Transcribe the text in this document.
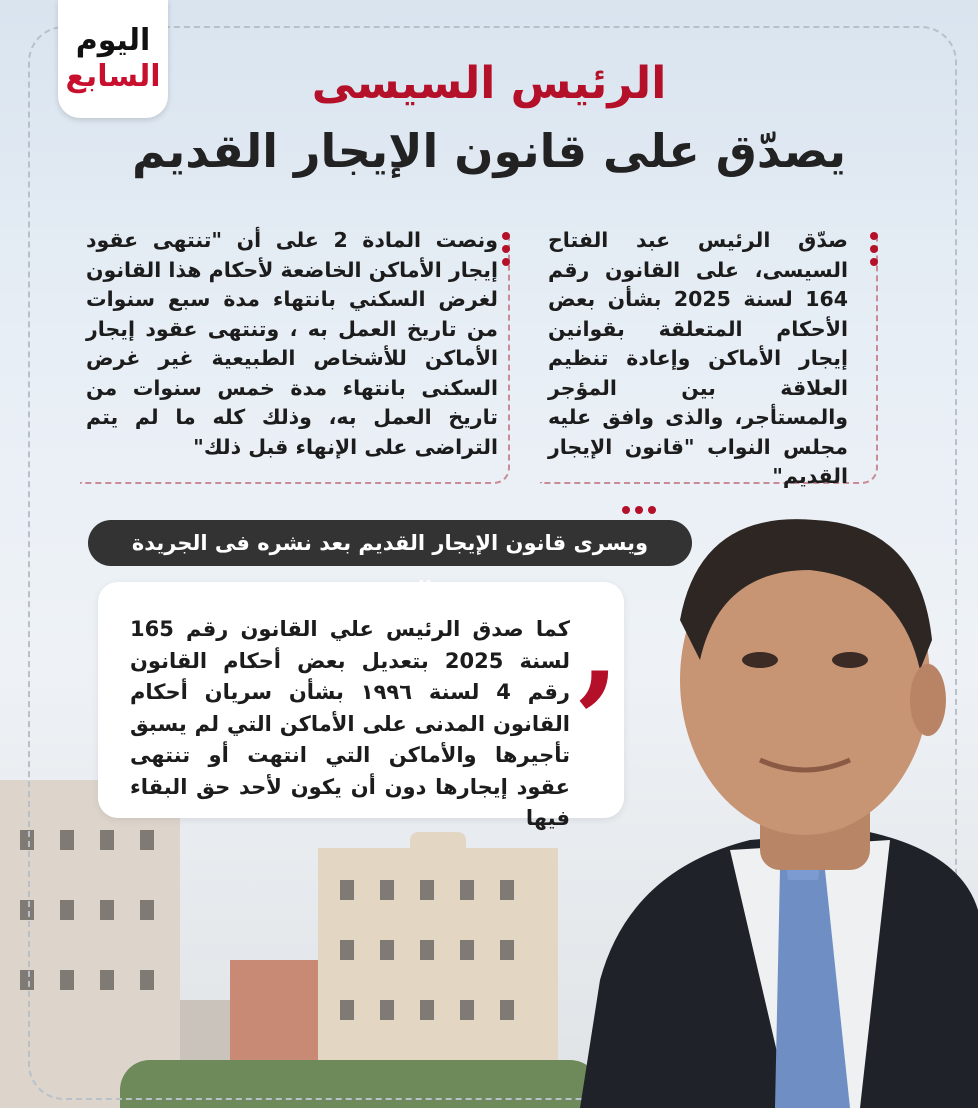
اليوم
السابع	الرئيس السيسى
يصدّق على قانون الإيجار القديم
صدّق الرئيس عبد الفتاح السيسى، على القانون رقم 164 لسنة 2025 بشأن بعض الأحكام المتعلقة بقوانين إيجار الأماكن وإعادة تنظيم العلاقة بين المؤجر والمستأجر، والذى وافق عليه مجلس النواب "قانون الإيجار القديم"
ونصت المادة 2 على أن "تنتهى عقود إيجار الأماكن الخاضعة لأحكام هذا القانون لغرض السكني بانتهاء مدة سبع سنوات من تاريخ العمل به ، وتنتهى عقود إيجار الأماكن للأشخاص الطبيعية غير غرض السكنى بانتهاء مدة خمس سنوات من تاريخ العمل به، وذلك كله ما لم يتم التراضى على الإنهاء قبل ذلك"
ويسرى قانون الإيجار القديم بعد نشره فى الجريدة
,
كما صدق الرئيس علي القانون رقم 165 لسنة 2025 بتعديل بعض أحكام القانون رقم 4 لسنة ١٩٩٦ بشأن سريان أحكام القانون المدنى على الأماكن التي لم يسبق تأجيرها والأماكن التي انتهت أو تنتهى عقود إيجارها دون أن يكون لأحد حق البقاء فيها
